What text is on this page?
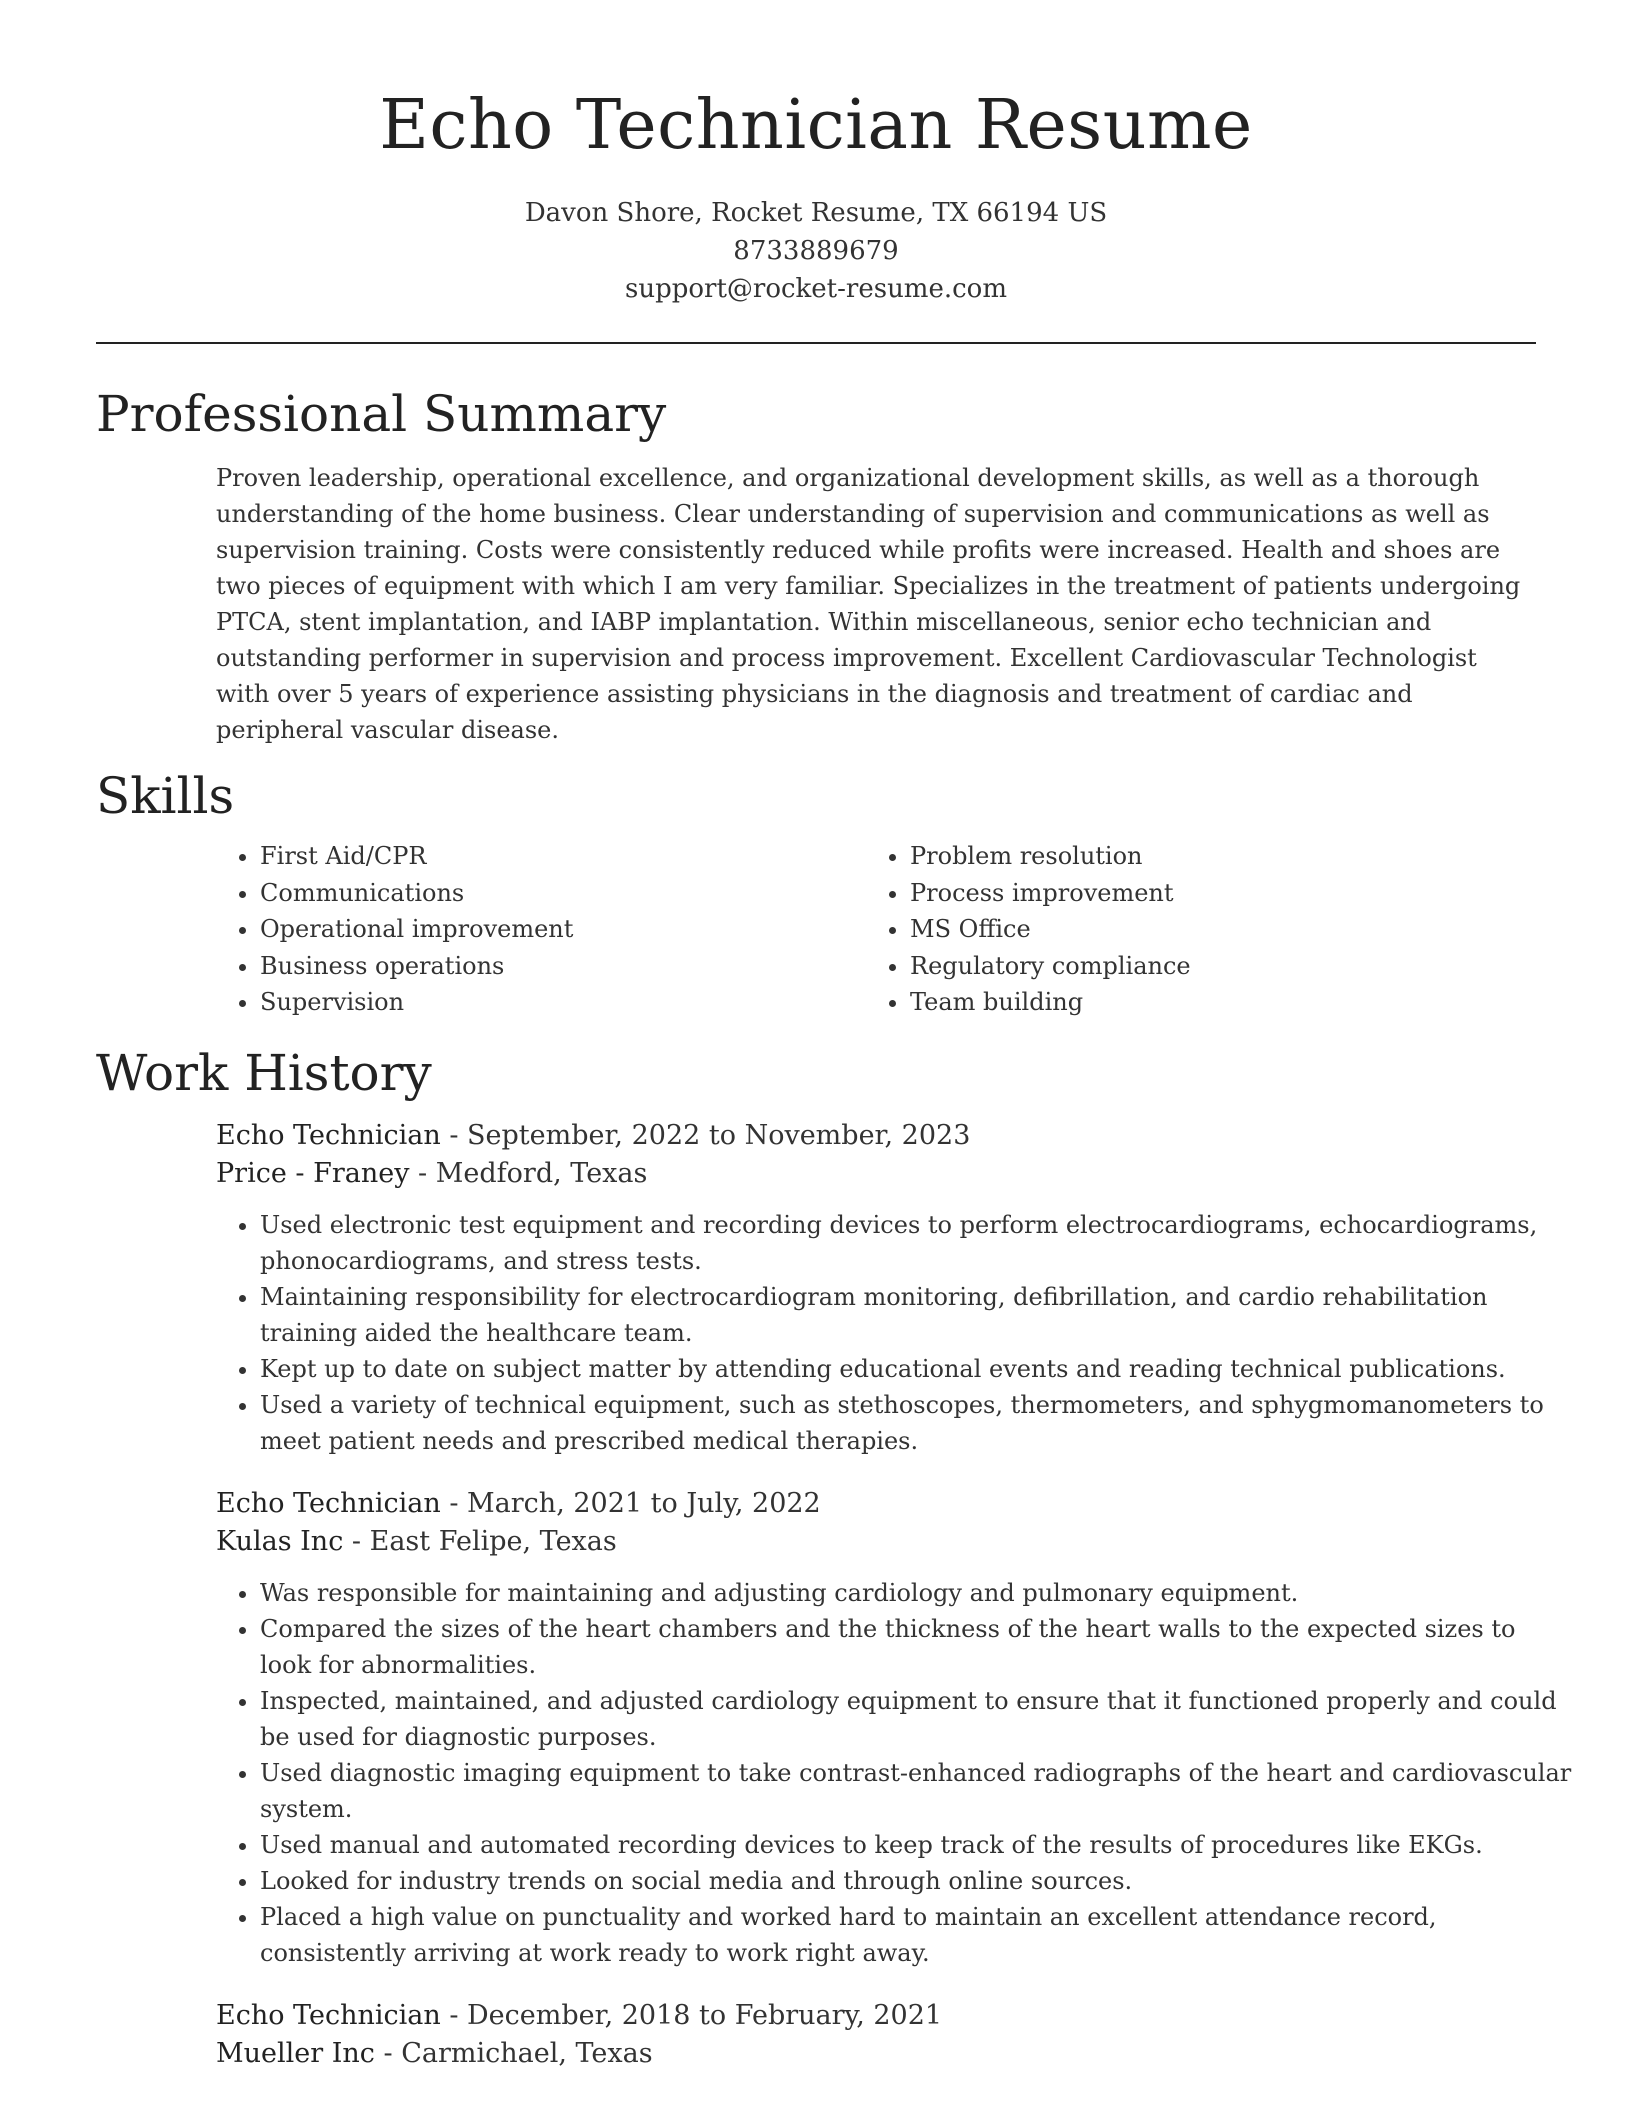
Echo Technician Resume
Davon Shore, Rocket Resume, TX 66194 US
8733889679
support@rocket-resume.com
Professional Summary

Proven leadership, operational excellence, and organizational development skills, as well as a thorough understanding of the home business. Clear understanding of supervision and communications as well as supervision training. Costs were consistently reduced while profits were increased. Health and shoes are two pieces of equipment with which I am very familiar. Specializes in the treatment of patients undergoing PTCA, stent implantation, and IABP implantation. Within miscellaneous, senior echo technician and outstanding performer in supervision and process improvement. Excellent Cardiovascular Technologist with over 5 years of experience assisting physicians in the diagnosis and treatment of cardiac and peripheral vascular disease.

Skills
• First Aid/CPR
• Communications
• Operational improvement
• Business operations
• Supervision
• Problem resolution
• Process improvement
• MS Office
• Regulatory compliance
• Team building
Work History
Echo Technician - September, 2022 to November, 2023
Price - Franey - Medford, Texas
• Used electronic test equipment and recording devices to perform electrocardiograms, echocardiograms, phonocardiograms, and stress tests.
• Maintaining responsibility for electrocardiogram monitoring, defibrillation, and cardio rehabilitation training aided the healthcare team.
• Kept up to date on subject matter by attending educational events and reading technical publications.
• Used a variety of technical equipment, such as stethoscopes, thermometers, and sphygmomanometers to meet patient needs and prescribed medical therapies.
Echo Technician - March, 2021 to July, 2022
Kulas Inc - East Felipe, Texas
• Was responsible for maintaining and adjusting cardiology and pulmonary equipment.
• Compared the sizes of the heart chambers and the thickness of the heart walls to the expected sizes to look for abnormalities.
• Inspected, maintained, and adjusted cardiology equipment to ensure that it functioned properly and could be used for diagnostic purposes.
• Used diagnostic imaging equipment to take contrast-enhanced radiographs of the heart and cardiovascular system.
• Used manual and automated recording devices to keep track of the results of procedures like EKGs.
• Looked for industry trends on social media and through online sources.
• Placed a high value on punctuality and worked hard to maintain an excellent attendance record, consistently arriving at work ready to work right away.
Echo Technician - December, 2018 to February, 2021
Mueller Inc - Carmichael, Texas
